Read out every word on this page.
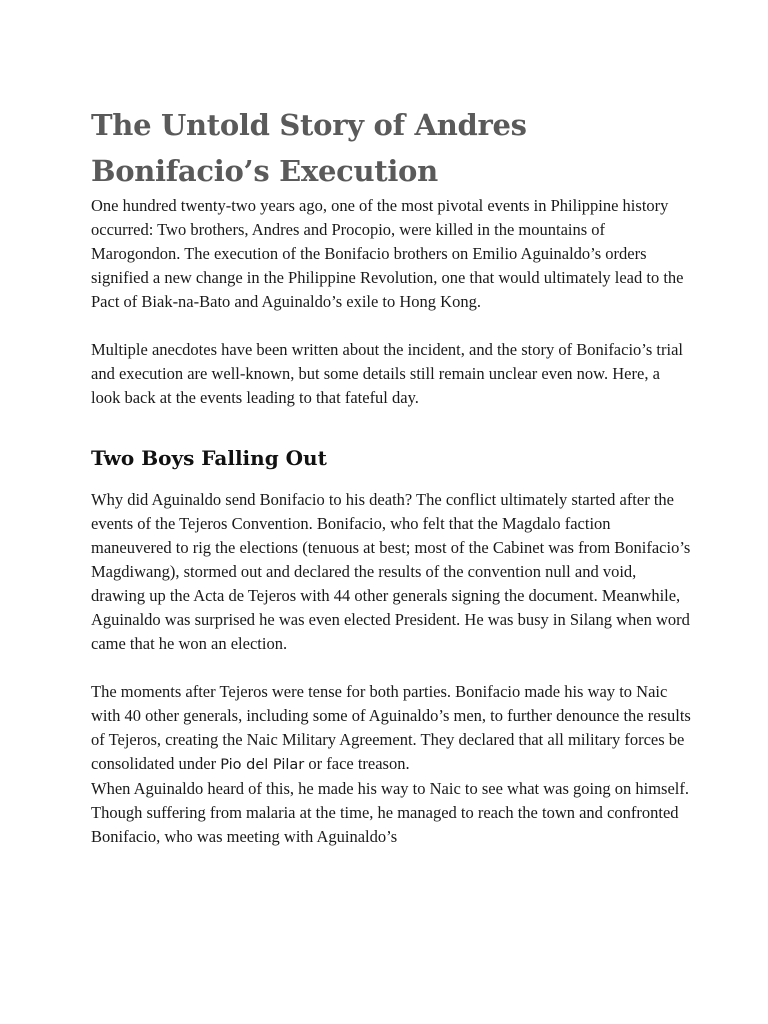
The Untold Story of Andres Bonifacio’s Execution

One hundred twenty-two years ago, one of the most pivotal events in Philippine history occurred: Two brothers, Andres and Procopio, were killed in the mountains of Marogondon. The execution of the Bonifacio brothers on Emilio Aguinaldo’s orders signified a new change in the Philippine Revolution, one that would ultimately lead to the Pact of Biak-na-Bato and Aguinaldo’s exile to Hong Kong.

Multiple anecdotes have been written about the incident, and the story of Bonifacio’s trial and execution are well-known, but some details still remain unclear even now. Here, a look back at the events leading to that fateful day.

Two Boys Falling Out

Why did Aguinaldo send Bonifacio to his death? The conflict ultimately started after the events of the Tejeros Convention. Bonifacio, who felt that the Magdalo faction maneuvered to rig the elections (tenuous at best; most of the Cabinet was from Bonifacio’s Magdiwang), stormed out and declared the results of the convention null and void, drawing up the Acta de Tejeros with 44 other generals signing the document. Meanwhile, Aguinaldo was surprised he was even elected President. He was busy in Silang when word came that he won an election.

The moments after Tejeros were tense for both parties. Bonifacio made his way to Naic with 40 other generals, including some of Aguinaldo’s men, to further denounce the results of Tejeros, creating the Naic Military Agreement. They declared that all military forces be consolidated under Pio del Pilar or face treason.

When Aguinaldo heard of this, he made his way to Naic to see what was going on himself. Though suffering from malaria at the time, he managed to reach the town and confronted Bonifacio, who was meeting with Aguinaldo’s
